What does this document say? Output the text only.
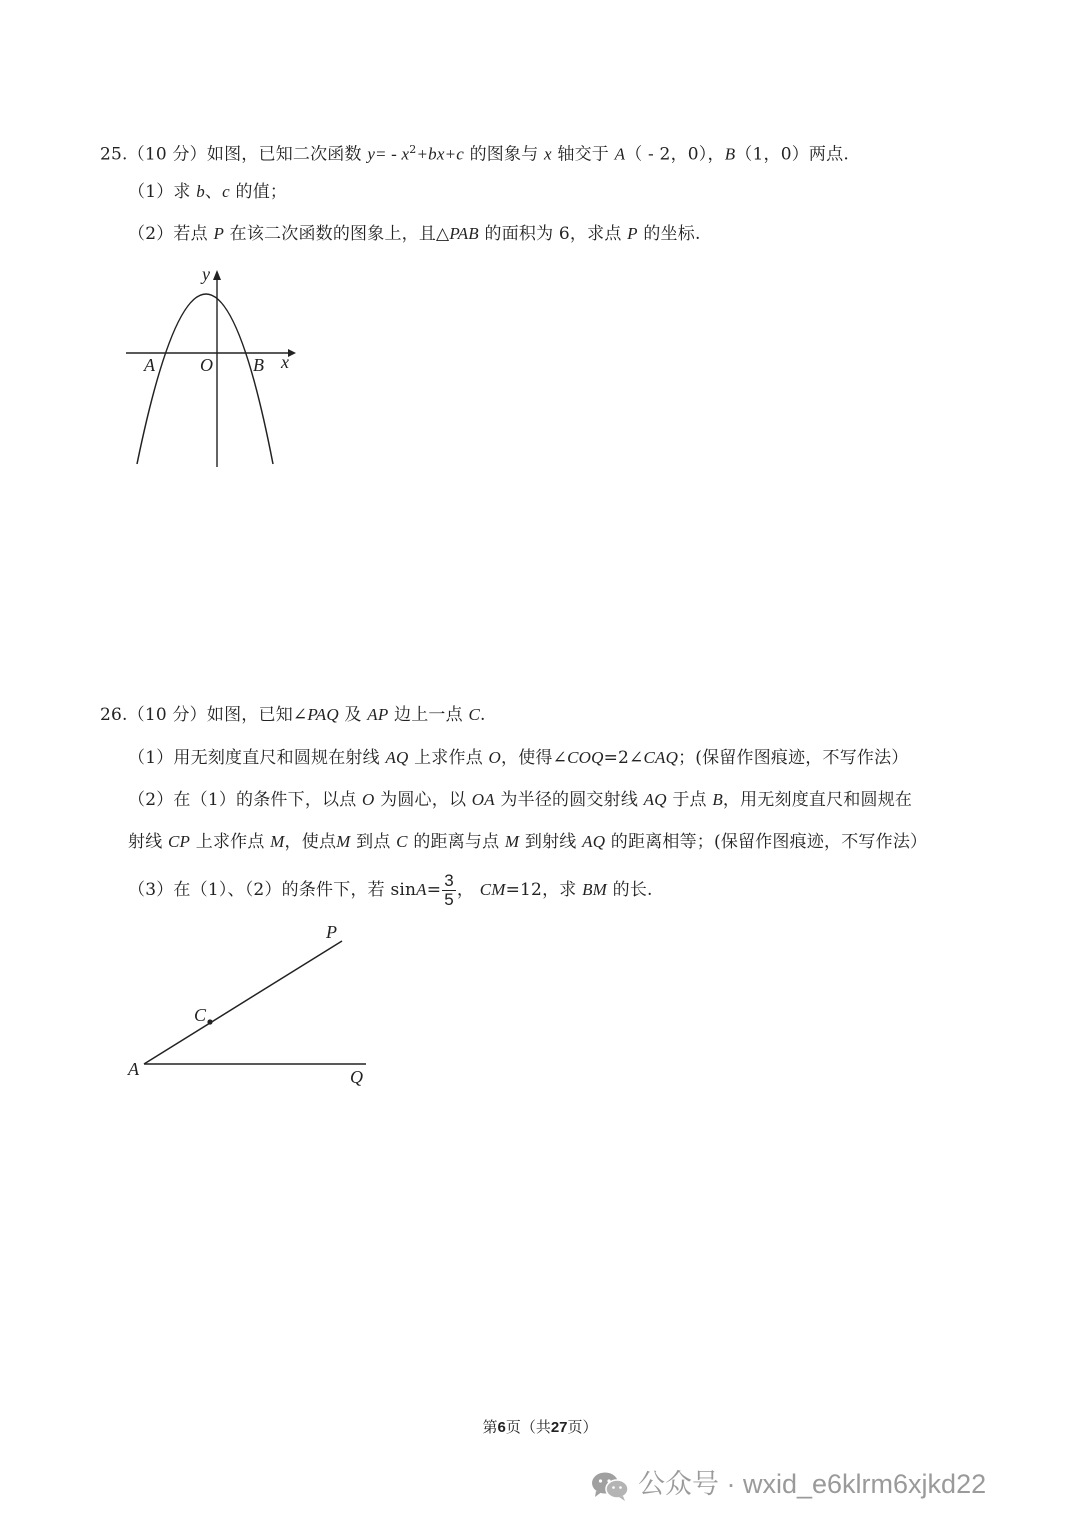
25.（10 分）如图，已知二次函数 $y= - x^2+bx+c$ 的图象与 x 轴交于 A（ - 2，0），B（1，0）两点.
（1）求 b、c 的值；
（2）若点 P 在该二次函数的图象上，且△PAB 的面积为 6，求点 P 的坐标.
y
x
A	O B
26.（10 分）如图，已知∠PAQ 及 AP 边上一点 C.
（1）用无刻度直尺和圆规在射线 AQ 上求作点 O，使得∠COQ=2∠CAQ；(保留作图痕迹，不写作法）
（2）在（1）的条件下，以点 O 为圆心，以 OA 为半径的圆交射线 AQ 于点 B，用无刻度直尺和圆规在
射线 CP 上求作点 M，使点M 到点 C 的距离与点 M 到射线 AQ 的距离相等；(保留作图痕迹，不写作法）
（3）在（1）、（2）的条件下，若 $\sin A= \frac{3}{5}$ ， CM=12，求 BM 的长.
P
C
A	Q
第6页（共27页）
公众号 · wxid_e6klrm6xjkd22
